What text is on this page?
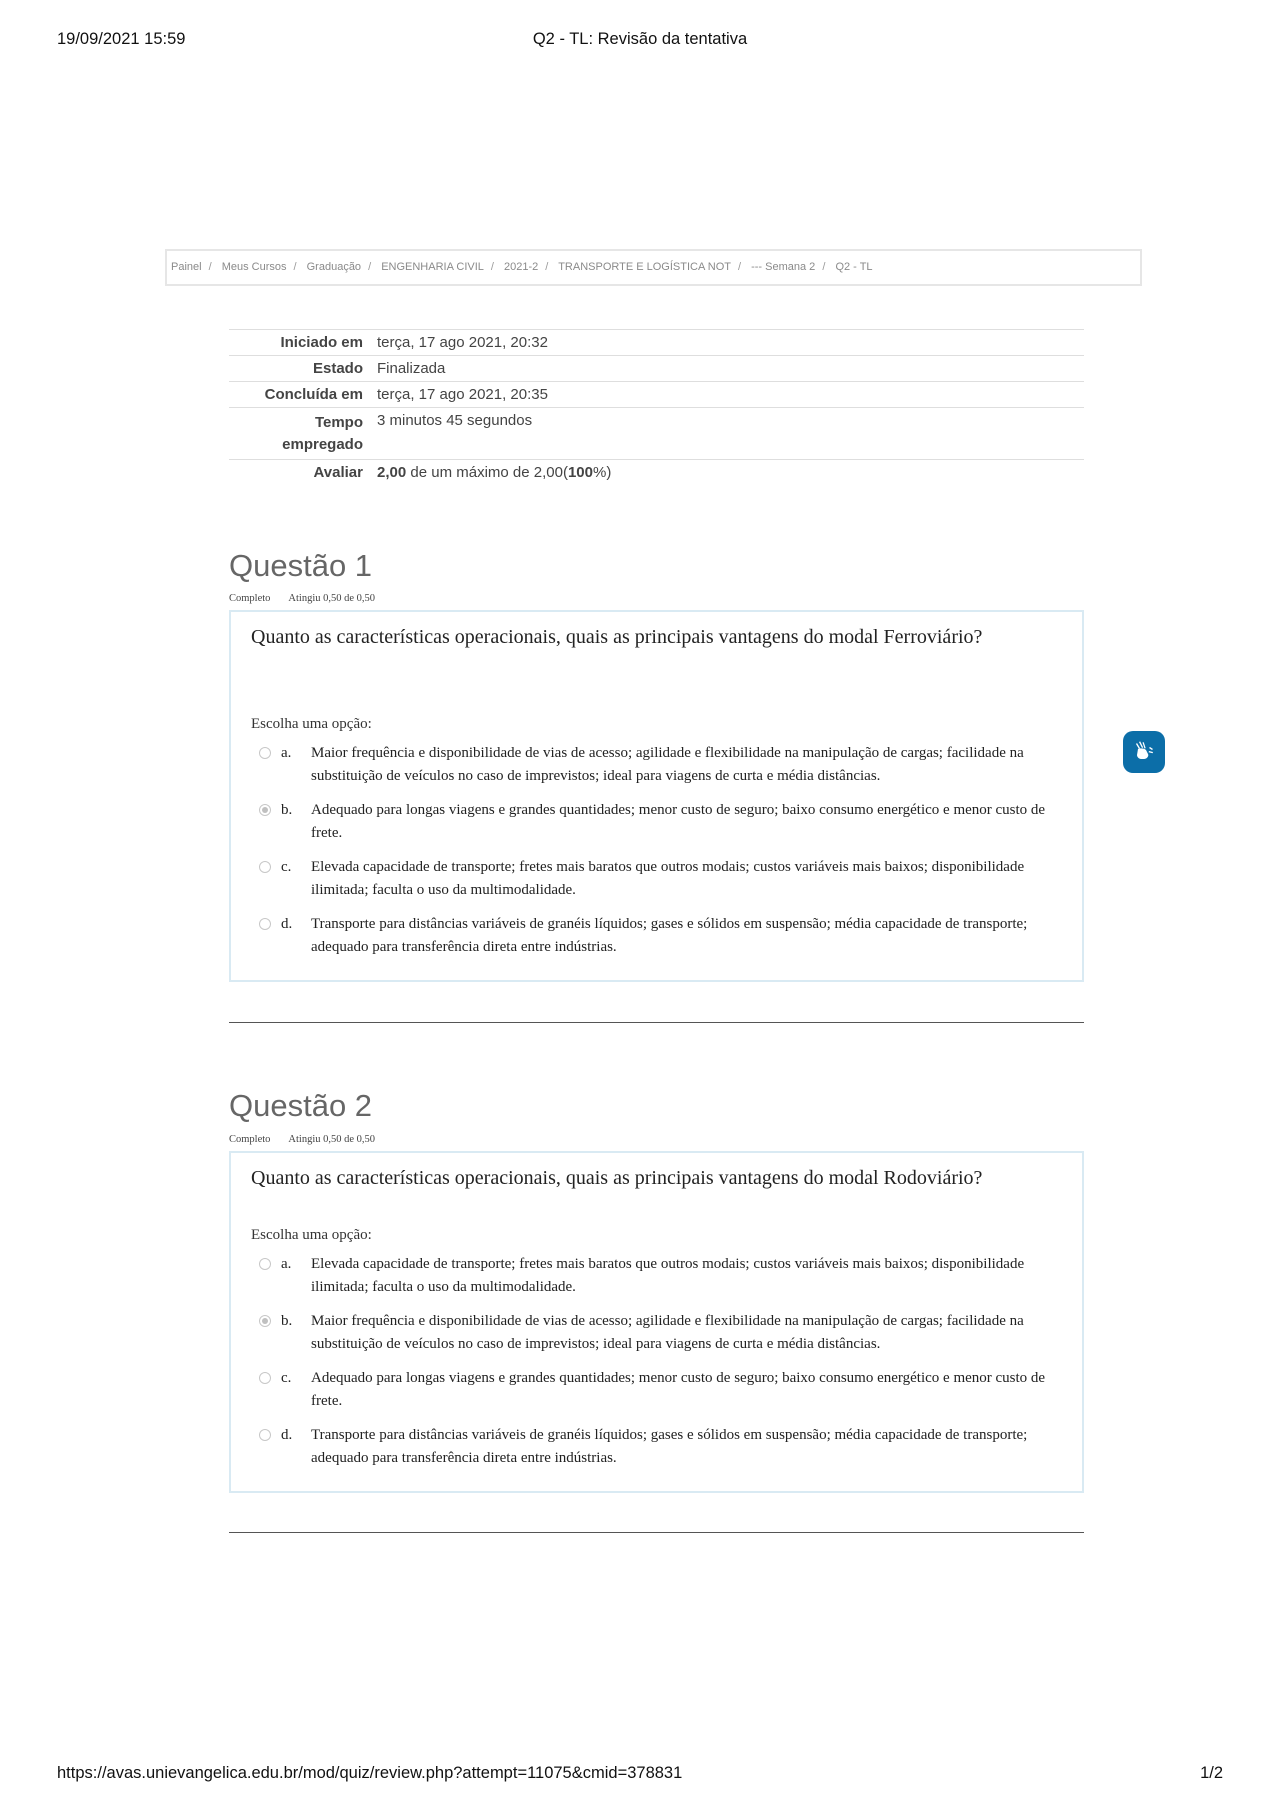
19/09/2021 15:59	Q2 - TL: Revisão da tentativa
Painel / Meus Cursos / Graduação / ENGENHARIA CIVIL / 2021-2 / TRANSPORTE E LOGÍSTICA NOT / --- Semana 2 / Q2 - TL
Iniciado em terça, 17 ago 2021, 20:32
Estado Finalizada
Concluída em terça, 17 ago 2021, 20:35
Tempo
empregado
3 minutos 45 segundos
Avaliar 2,00 de um máximo de 2,00(100%)
Questão 1
Completo Atingiu 0,50 de 0,50
Quanto as características operacionais, quais as principais vantagens do modal Ferroviário?
Escolha uma opção:
a. Maior frequência e disponibilidade de vias de acesso; agilidade e flexibilidade na manipulação de cargas; facilidade na substituição de veículos no caso de imprevistos; ideal para viagens de curta e média distâncias.
b. Adequado para longas viagens e grandes quantidades; menor custo de seguro; baixo consumo energético e menor custo de frete.
c. Elevada capacidade de transporte; fretes mais baratos que outros modais; custos variáveis mais baixos; disponibilidade ilimitada; faculta o uso da multimodalidade.
d. Transporte para distâncias variáveis de granéis líquidos; gases e sólidos em suspensão; média capacidade de transporte; adequado para transferência direta entre indústrias.
Questão 2
Completo Atingiu 0,50 de 0,50
Quanto as características operacionais, quais as principais vantagens do modal Rodoviário?
Escolha uma opção:
a. Elevada capacidade de transporte; fretes mais baratos que outros modais; custos variáveis mais baixos; disponibilidade ilimitada; faculta o uso da multimodalidade.
b. Maior frequência e disponibilidade de vias de acesso; agilidade e flexibilidade na manipulação de cargas; facilidade na substituição de veículos no caso de imprevistos; ideal para viagens de curta e média distâncias.
c. Adequado para longas viagens e grandes quantidades; menor custo de seguro; baixo consumo energético e menor custo de frete.
d. Transporte para distâncias variáveis de granéis líquidos; gases e sólidos em suspensão; média capacidade de transporte; adequado para transferência direta entre indústrias.
https://avas.unievangelica.edu.br/mod/quiz/review.php?attempt=11075&cmid=378831	1/2
